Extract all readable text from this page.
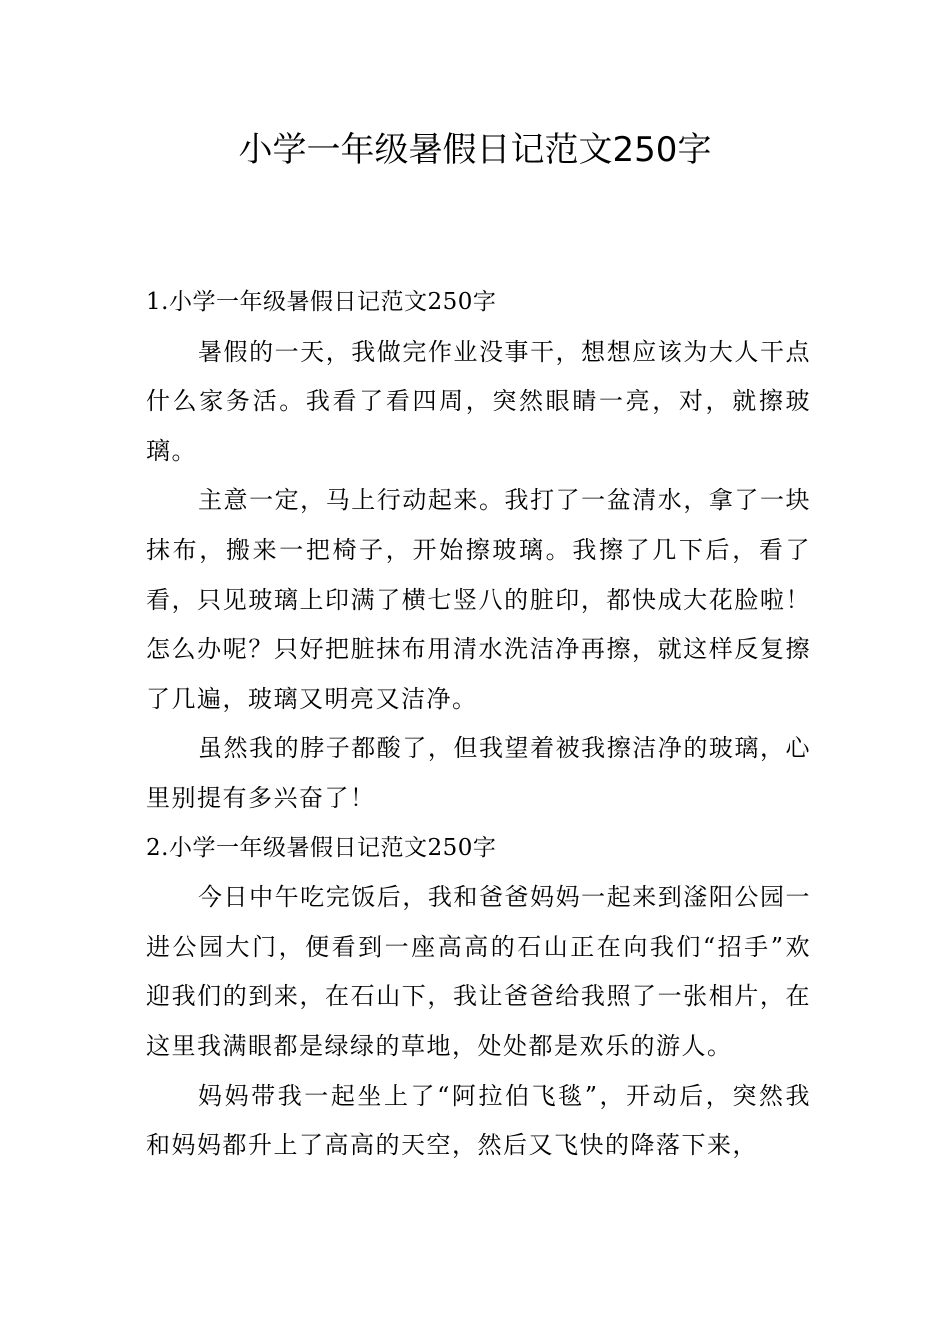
小学一年级暑假日记范文250字

1.小学一年级暑假日记范文250字

暑假的一天，我做完作业没事干，想想应该为大人干点什么家务活。我看了看四周，突然眼睛一亮，对，就擦玻璃。

主意一定，马上行动起来。我打了一盆清水，拿了一块抹布，搬来一把椅子，开始擦玻璃。我擦了几下后，看了看，只见玻璃上印满了横七竖八的脏印，都快成大花脸啦！怎么办呢？只好把脏抹布用清水洗洁净再擦，就这样反复擦了几遍，玻璃又明亮又洁净。

虽然我的脖子都酸了，但我望着被我擦洁净的玻璃，心里别提有多兴奋了！

2.小学一年级暑假日记范文250字

今日中午吃完饭后，我和爸爸妈妈一起来到滏阳公园一进公园大门，便看到一座高高的石山正在向我们“招手”欢迎我们的到来，在石山下，我让爸爸给我照了一张相片，在这里我满眼都是绿绿的草地，处处都是欢乐的游人。

妈妈带我一起坐上了“阿拉伯飞毯”，开动后，突然我和妈妈都升上了高高的天空，然后又飞快的降落下来，
